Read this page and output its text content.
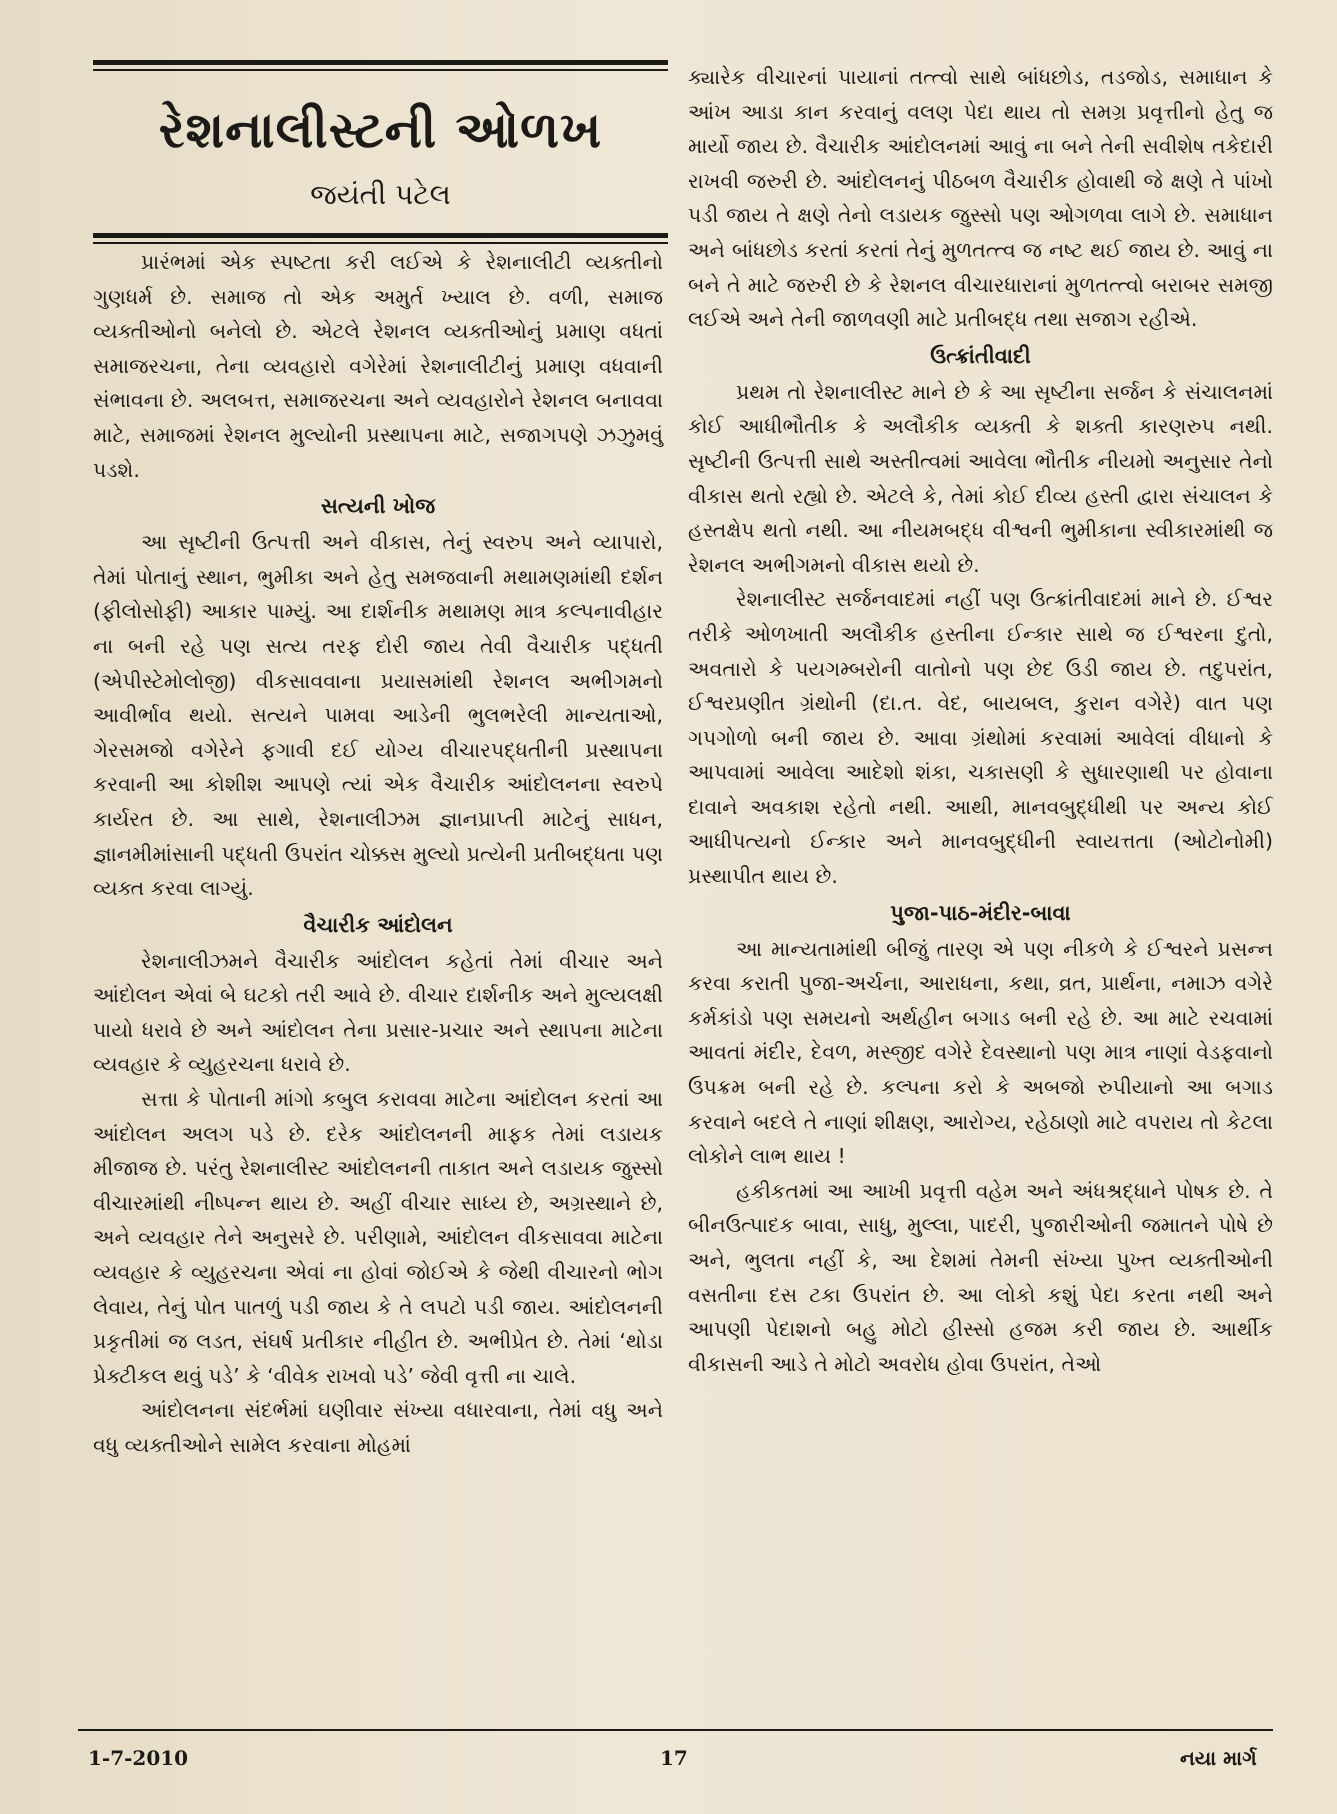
રેશનાલીસ્ટની ઓળખ
જયંતી પટેલ

પ્રારંભમાં એક સ્પષ્ટતા કરી લઈએ કે રેશનાલીટી વ્યક્તીનો ગુણધર્મ છે. સમાજ તો એક અમુર્ત ખ્યાલ છે. વળી, સમાજ વ્યક્તીઓનો બનેલો છે. એટલે રેશનલ વ્યક્તીઓનું પ્રમાણ વધતાં સમાજરચના, તેના વ્યવહારો વગેરેમાં રેશનાલીટીનું પ્રમાણ વધવાની સંભાવના છે. અલબત્ત, સમાજરચના અને વ્યવહારોને રેશનલ બનાવવા માટે, સમાજમાં રેશનલ મુલ્યોની પ્રસ્થાપના માટે, સજાગપણે ઝઝુમવું પડશે.

સત્યની ખોજ

આ સૃષ્ટીની ઉત્પત્તી અને વીકાસ, તેનું સ્વરુપ અને વ્યાપારો, તેમાં પોતાનું સ્થાન, ભુમીકા અને હેતુ સમજવાની મથામણમાંથી દર્શન (ફીલોસોફી) આકાર પામ્યું. આ દાર્શનીક મથામણ માત્ર કલ્પનાવીહાર ના બની રહે પણ સત્ય તરફ દોરી જાય તેવી વૈચારીક પદ્ધતી (એપીસ્ટેમોલોજી) વીકસાવવાના પ્રયાસમાંથી રેશનલ અભીગમનો આવીર્ભાવ થયો. સત્યને પામવા આડેની ભુલભરેલી માન્યતાઓ, ગેરસમજો વગેરેને ફગાવી દઈ યોગ્ય વીચારપદ્ધતીની પ્રસ્થાપના કરવાની આ કોશીશ આપણે ત્યાં એક વૈચારીક આંદોલનના સ્વરુપે કાર્યરત છે. આ સાથે, રેશનાલીઝમ જ્ઞાનપ્રાપ્તી માટેનું સાધન, જ્ઞાનમીમાંસાની પદ્ધતી ઉપરાંત ચોક્કસ મુલ્યો પ્રત્યેની પ્રતીબદ્ધતા પણ વ્યક્ત કરવા લાગ્યું.

વૈચારીક આંદોલન

રેશનાલીઝમને વૈચારીક આંદોલન કહેતાં તેમાં વીચાર અને આંદોલન એવાં બે ઘટકો તરી આવે છે. વીચાર દાર્શનીક અને મુલ્યલક્ષી પાયો ધરાવે છે અને આંદોલન તેના પ્રસાર-પ્રચાર અને સ્થાપના માટેના વ્યવહાર કે વ્યુહરચના ધરાવે છે.

સત્તા કે પોતાની માંગો કબુલ કરાવવા માટેના આંદોલન કરતાં આ આંદોલન અલગ પડે છે. દરેક આંદોલનની માફક તેમાં લડાયક મીજાજ છે. પરંતુ રેશનાલીસ્ટ આંદોલનની તાકાત અને લડાયક જુસ્સો વીચારમાંથી નીષ્પન્ન થાય છે. અહીં વીચાર સાધ્ય છે, અગ્રસ્થાને છે, અને વ્યવહાર તેને અનુસરે છે. પરીણામે, આંદોલન વીકસાવવા માટેના વ્યવહાર કે વ્યુહરચના એવાં ના હોવાં જોઈએ કે જેથી વીચારનો ભોગ લેવાય, તેનું પોત પાતળું પડી જાય કે તે લપટો પડી જાય. આંદોલનની પ્રકૃતીમાં જ લડત, સંઘર્ષ પ્રતીકાર નીહીત છે. અભીપ્રેત છે. તેમાં ‘થોડા પ્રેક્ટીકલ થવું પડે’ કે ‘વીવેક રાખવો પડે’ જેવી વૃત્તી ના ચાલે.

આંદોલનના સંદર્ભમાં ઘણીવાર સંખ્યા વધારવાના, તેમાં વધુ અને વધુ વ્યક્તીઓને સામેલ કરવાના મોહમાં

ક્યારેક વીચારનાં પાયાનાં તત્ત્વો સાથે બાંધછોડ, તડજોડ, સમાધાન કે આંખ આડા કાન કરવાનું વલણ પેદા થાય તો સમગ્ર પ્રવૃત્તીનો હેતુ જ માર્યો જાય છે. વૈચારીક આંદોલનમાં આવું ના બને તેની સવીશેષ તકેદારી રાખવી જરુરી છે. આંદોલનનું પીઠબળ વૈચારીક હોવાથી જે ક્ષણે તે પાંખો પડી જાય તે ક્ષણે તેનો લડાયક જુસ્સો પણ ઓગળવા લાગે છે. સમાધાન અને બાંધછોડ કરતાં કરતાં તેનું મુળતત્ત્વ જ નષ્ટ થઈ જાય છે. આવું ના બને તે માટે જરુરી છે કે રેશનલ વીચારધારાનાં મુળતત્ત્વો બરાબર સમજી લઈએ અને તેની જાળવણી માટે પ્રતીબદ્ધ તથા સજાગ રહીએ.

ઉત્ક્રાંતીવાદી

પ્રથમ તો રેશનાલીસ્ટ માને છે કે આ સૃષ્ટીના સર્જન કે સંચાલનમાં કોઈ આધીભૌતીક કે અલૌકીક વ્યક્તી કે શક્તી કારણરુપ નથી. સૃષ્ટીની ઉત્પત્તી સાથે અસ્તીત્વમાં આવેલા ભૌતીક નીયમો અનુસાર તેનો વીકાસ થતો રહ્યો છે. એટલે કે, તેમાં કોઈ દીવ્ય હસ્તી દ્વારા સંચાલન કે હસ્તક્ષેપ થતો નથી. આ નીયમબદ્ધ વીશ્વની ભુમીકાના સ્વીકારમાંથી જ રેશનલ અભીગમનો વીકાસ થયો છે.

રેશનાલીસ્ટ સર્જનવાદમાં નહીં પણ ઉત્ક્રાંતીવાદમાં માને છે. ઈશ્વર તરીકે ઓળખાતી અલૌકીક હસ્તીના ઈન્કાર સાથે જ ઈશ્વરના દુતો, અવતારો કે પયગમ્બરોની વાતોનો પણ છેદ ઉડી જાય છે. તદુપરાંત, ઈશ્વરપ્રણીત ગ્રંથોની (દા.ત. વેદ, બાયબલ, કુરાન વગેરે) વાત પણ ગપગોળો બની જાય છે. આવા ગ્રંથોમાં કરવામાં આવેલાં વીધાનો કે આપવામાં આવેલા આદેશો શંકા, ચકાસણી કે સુધારણાથી પર હોવાના દાવાને અવકાશ રહેતો નથી. આથી, માનવબુદ્ધીથી પર અન્ય કોઈ આધીપત્યનો ઈન્કાર અને માનવબુદ્ધીની સ્વાયત્તતા (ઓટોનોમી) પ્રસ્થાપીત થાય છે.

પુજા-પાઠ-મંદીર-બાવા

આ માન્યતામાંથી બીજું તારણ એ પણ નીકળે કે ઈશ્વરને પ્રસન્ન કરવા કરાતી પુજા-અર્ચના, આરાધના, કથા, વ્રત, પ્રાર્થના, નમાઝ વગેરે કર્મકાંડો પણ સમયનો અર્થહીન બગાડ બની રહે છે. આ માટે રચવામાં આવતાં મંદીર, દેવળ, મસ્જીદ વગેરે દેવસ્થાનો પણ માત્ર નાણાં વેડફવાનો ઉપક્રમ બની રહે છે. કલ્પના કરો કે અબજો રુપીયાનો આ બગાડ કરવાને બદલે તે નાણાં શીક્ષણ, આરોગ્ય, રહેઠાણો માટે વપરાય તો કેટલા લોકોને લાભ થાય !

હકીકતમાં આ આખી પ્રવૃત્તી વહેમ અને અંધશ્રદ્ધાને પોષક છે. તે બીનઉત્પાદક બાવા, સાધુ, મુલ્લા, પાદરી, પુજારીઓની જમાતને પોષે છે અને, ભુલતા નહીં કે, આ દેશમાં તેમની સંખ્યા પુખ્ત વ્યક્તીઓની વસતીના દસ ટકા ઉપરાંત છે. આ લોકો કશું પેદા કરતા નથી અને આપણી પેદાશનો બહુ મોટો હીસ્સો હજમ કરી જાય છે. આર્થીક વીકાસની આડે તે મોટો અવરોધ હોવા ઉપરાંત, તેઓ

1-7-2010	17	નયા માર્ગ
